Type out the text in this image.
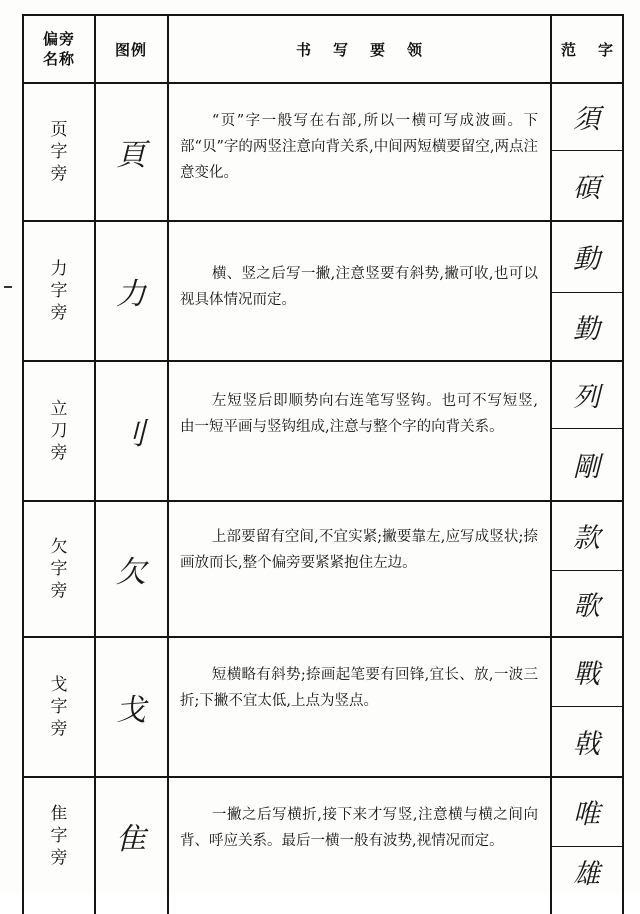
偏旁
名称
图例	书写要领	范 字
页
字
旁
頁

“页”字一般写在右部,所以一横可写成波画。下部“贝”字的两竖注意向背关系,中间两短横要留空,两点注意变化。

須
碩
力
字
旁
力

横、竖之后写一撇,注意竖要有斜势,撇可收,也可以视具体情况而定。

動
勤
立
刀
旁
刂

左短竖后即顺势向右连笔写竖钩。也可不写短竖, 由一短平画与竖钩组成,注意与整个字的向背关系。

列
剛
欠
字
旁
欠

上部要留有空间,不宜实紧;撇要靠左,应写成竖状;捺画放而长,整个偏旁要紧紧抱住左边。

款
歌
戈
字
旁
戈

短横略有斜势;捺画起笔要有回锋,宜长、放,一波三折;下撇不宜太低,上点为竖点。

戰
戟
隹
字
旁
隹

一撇之后写横折,接下来才写竖,注意横与横之间向背、呼应关系。最后一横一般有波势,视情况而定。

唯
雄
